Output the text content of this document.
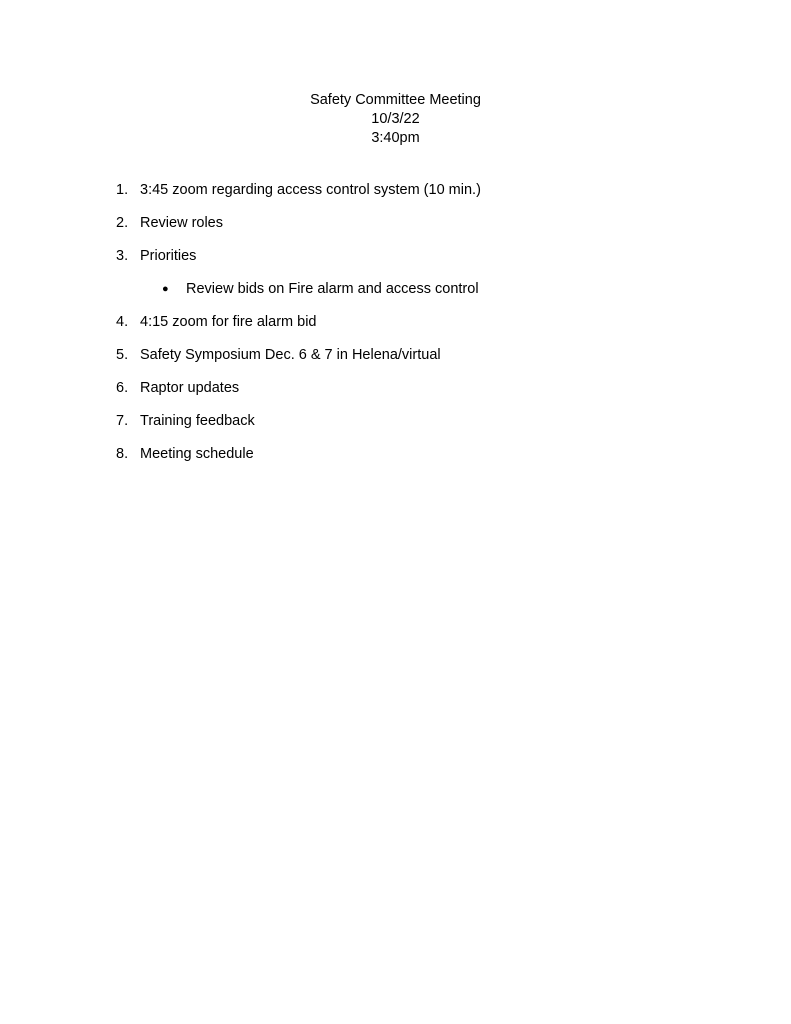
Safety Committee Meeting
10/3/22
3:40pm
1. 3:45 zoom regarding access control system (10 min.)
2. Review roles
3. Priorities
● Review bids on Fire alarm and access control
4. 4:15 zoom for fire alarm bid
5. Safety Symposium Dec. 6 & 7 in Helena/virtual
6. Raptor updates
7. Training feedback
8. Meeting schedule
